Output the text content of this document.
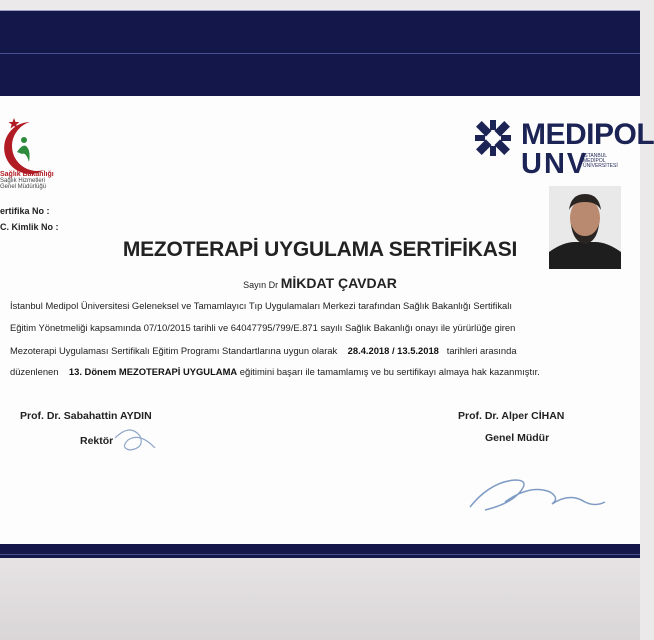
Sağlık Bakanlığı
Sağlık Hizmetleri
Genel Müdürlüğü
ertifika No :
C. Kimlik No :
MEDIPOL
UNV
İSTANBUL
MEDİPOL
ÜNİVERSİTESİ
MEZOTERAPİ UYGULAMA SERTİFİKASI
Sayın Dr MİKDAT ÇAVDAR
İstanbul Medipol Üniversitesi Geleneksel ve Tamamlayıcı Tıp Uygulamaları Merkezi tarafından Sağlık Bakanlığı Sertifikalı
Eğitim Yönetmeliği kapsamında 07/10/2015 tarihli ve 64047795/799/E.871 sayılı Sağlık Bakanlığı onayı ile yürürlüğe giren
Mezoterapi Uygulaması Sertifikalı Eğitim Programı Standartlarına uygun olarak 28.4.2018 / 13.5.2018 tarihleri arasında
düzenlenen 13. Dönem MEZOTERAPİ UYGULAMA eğitimini başarı ile tamamlamış ve bu sertifikayı almaya hak kazanmıştır.
Prof. Dr. Sabahattin AYDIN
Rektör
Prof. Dr. Alper CİHAN
Genel Müdür
